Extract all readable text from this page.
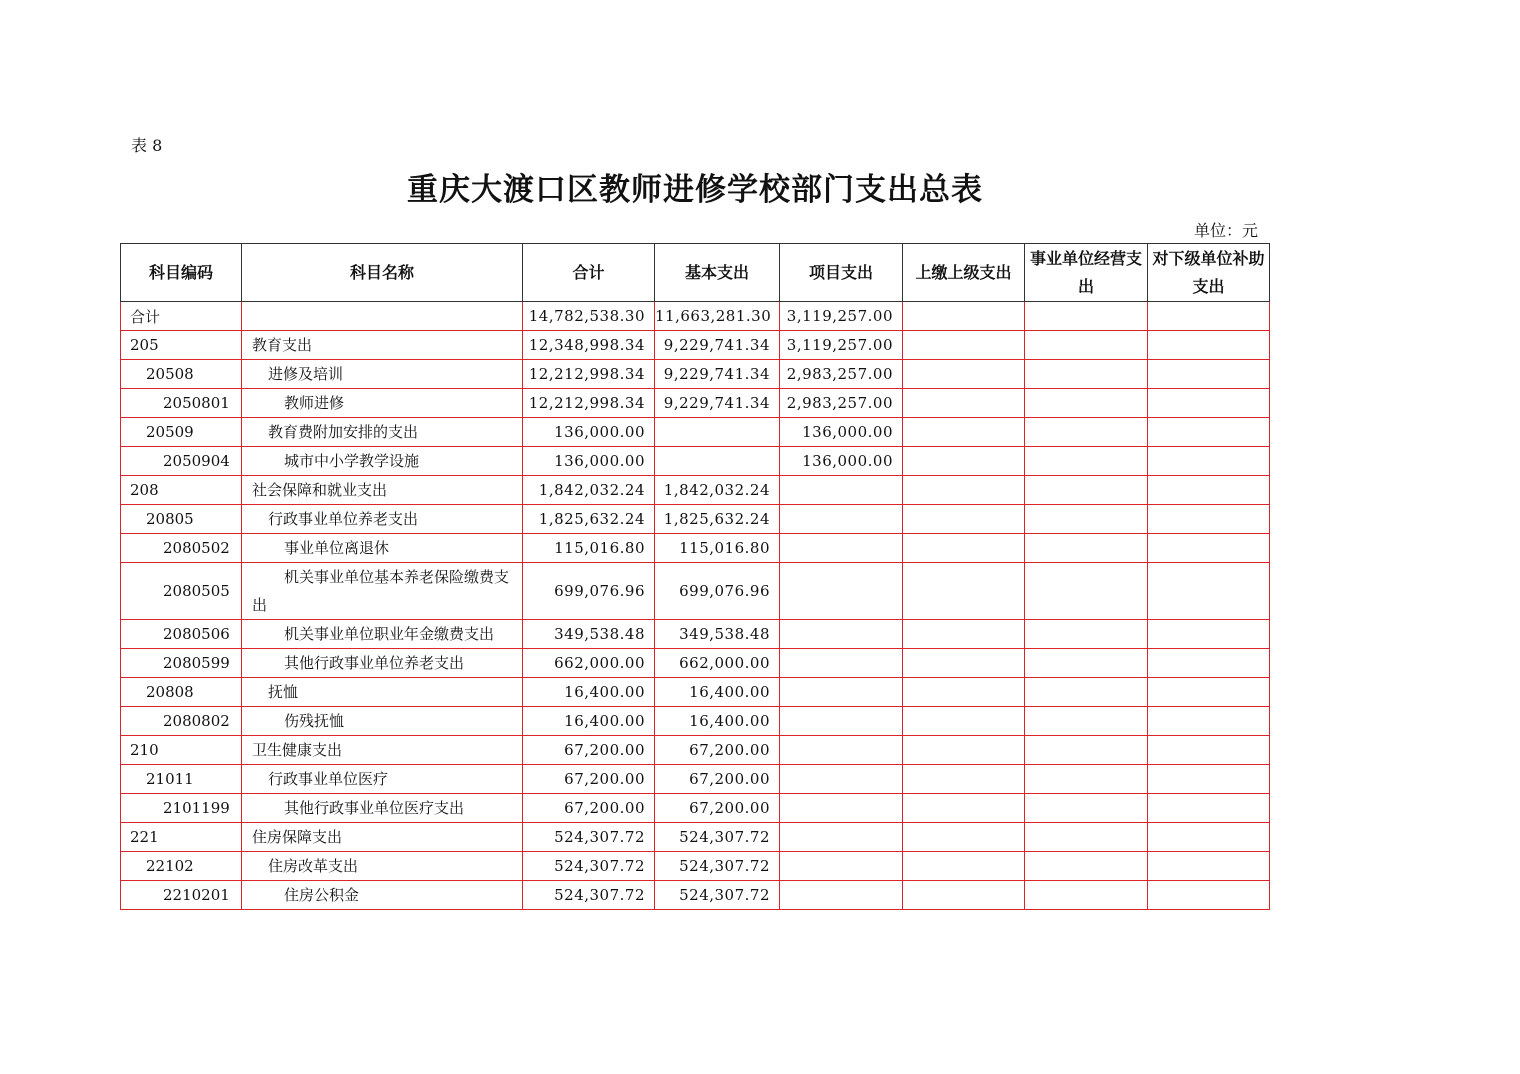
表 8
重庆大渡口区教师进修学校部门支出总表
单位：元
科目编码	科目名称	合计	基本支出	项目支出	上缴上级支出	事业单位经营支出	对下级单位补助支出
合计		14,782,538.30	11,663,281.30	3,119,257.00			
205	教育支出	12,348,998.34	9,229,741.34	3,119,257.00			
20508	进修及培训	12,212,998.34	9,229,741.34	2,983,257.00			
2050801	教师进修	12,212,998.34	9,229,741.34	2,983,257.00			
20509	教育费附加安排的支出	136,000.00		136,000.00			
2050904	城市中小学教学设施	136,000.00		136,000.00			
208	社会保障和就业支出	1,842,032.24	1,842,032.24				
20805	行政事业单位养老支出	1,825,632.24	1,825,632.24				
2080502	事业单位离退休	115,016.80	115,016.80				
2080505	机关事业单位基本养老保险缴费支出	699,076.96	699,076.96				
2080506	机关事业单位职业年金缴费支出	349,538.48	349,538.48				
2080599	其他行政事业单位养老支出	662,000.00	662,000.00				
20808	抚恤	16,400.00	16,400.00				
2080802	伤残抚恤	16,400.00	16,400.00				
210	卫生健康支出	67,200.00	67,200.00				
21011	行政事业单位医疗	67,200.00	67,200.00				
2101199	其他行政事业单位医疗支出	67,200.00	67,200.00				
221	住房保障支出	524,307.72	524,307.72				
22102	住房改革支出	524,307.72	524,307.72				
2210201	住房公积金	524,307.72	524,307.72				
